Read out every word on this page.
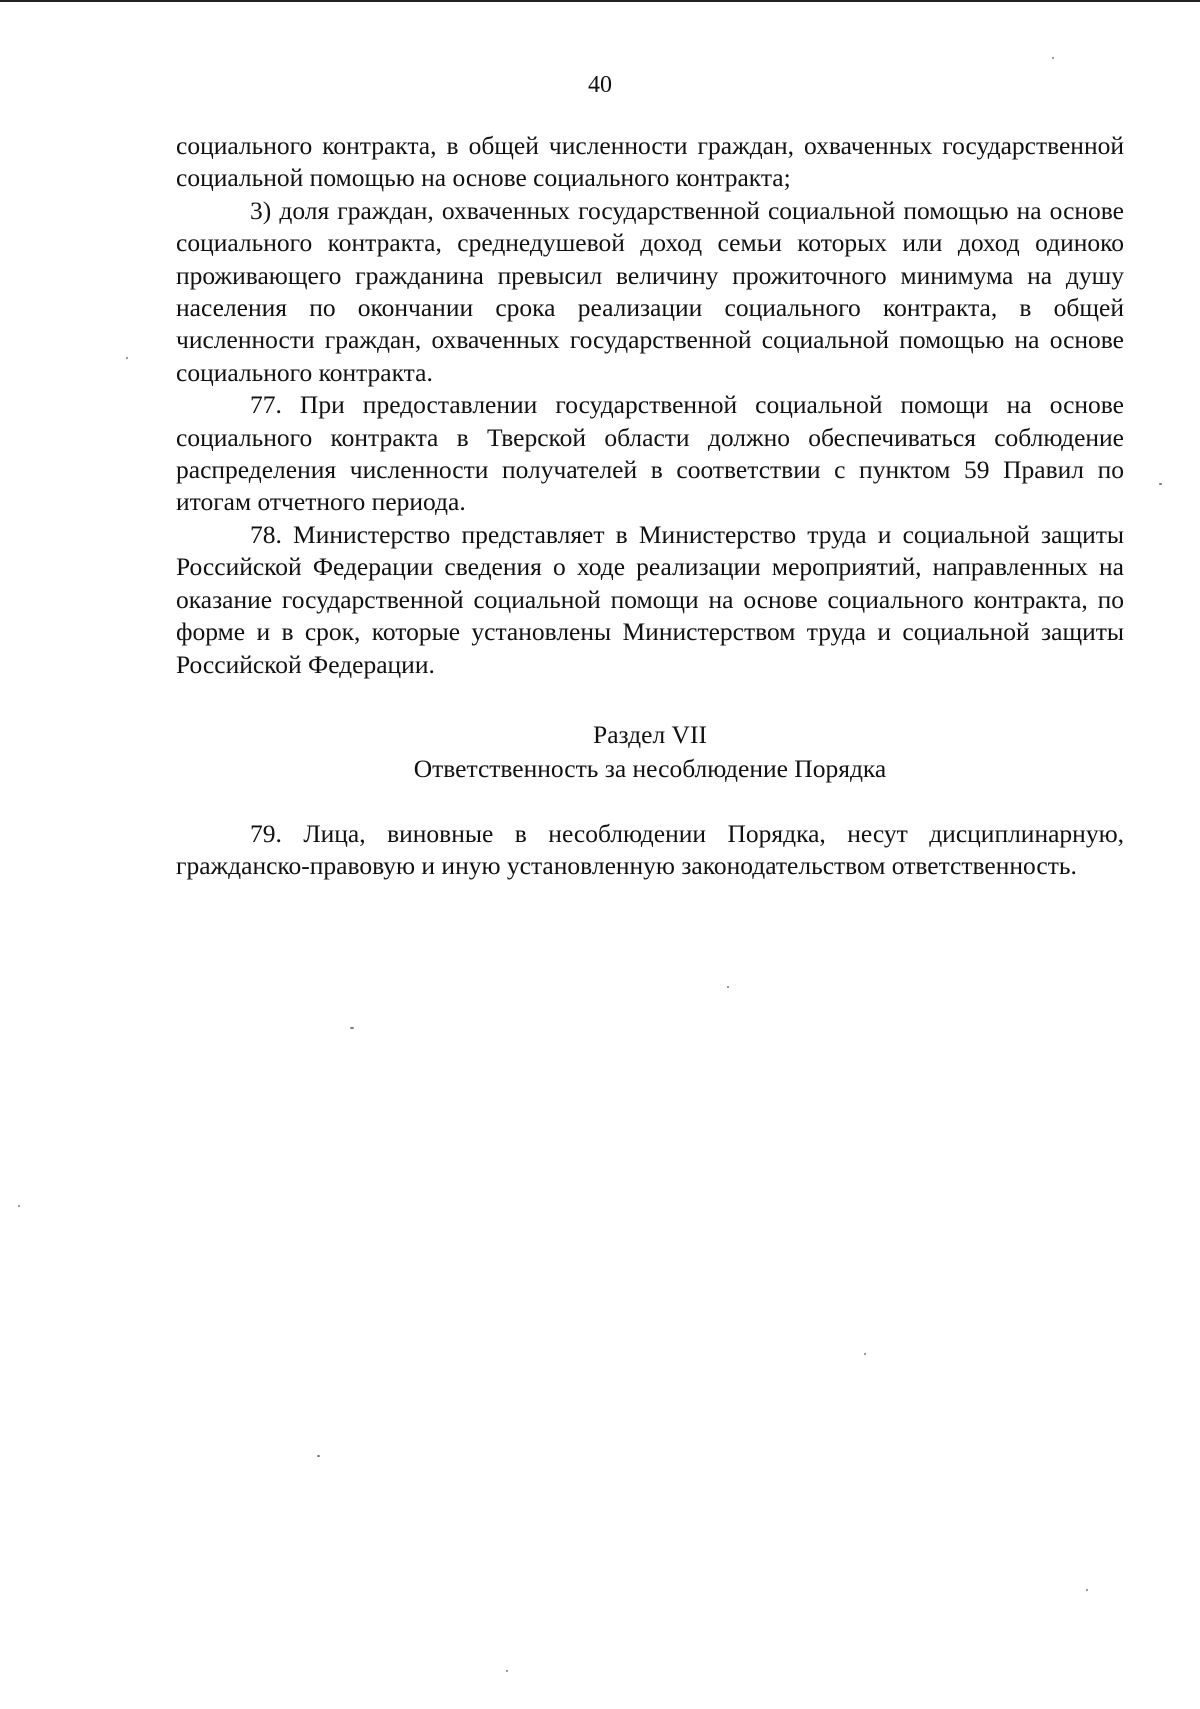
40

социального контракта, в общей численности граждан, охваченных государственной социальной помощью на основе социального контракта;

3) доля граждан, охваченных государственной социальной помощью на основе социального контракта, среднедушевой доход семьи которых или доход одиноко проживающего гражданина превысил величину прожиточного минимума на душу населения по окончании срока реализации социального контракта, в общей численности граждан, охваченных государственной социальной помощью на основе социального контракта.

77. При предоставлении государственной социальной помощи на основе социального контракта в Тверской области должно обеспечиваться соблюдение распределения численности получателей в соответствии с пунктом 59 Правил по итогам отчетного периода.

78. Министерство представляет в Министерство труда и социальной защиты Российской Федерации сведения о ходе реализации мероприятий, направленных на оказание государственной социальной помощи на основе социального контракта, по форме и в срок, которые установлены Министерством труда и социальной защиты Российской Федерации.

Раздел VII
Ответственность за несоблюдение Порядка

79. Лица, виновные в несоблюдении Порядка, несут дисциплинарную, гражданско-правовую и иную установленную законодательством ответственность.
